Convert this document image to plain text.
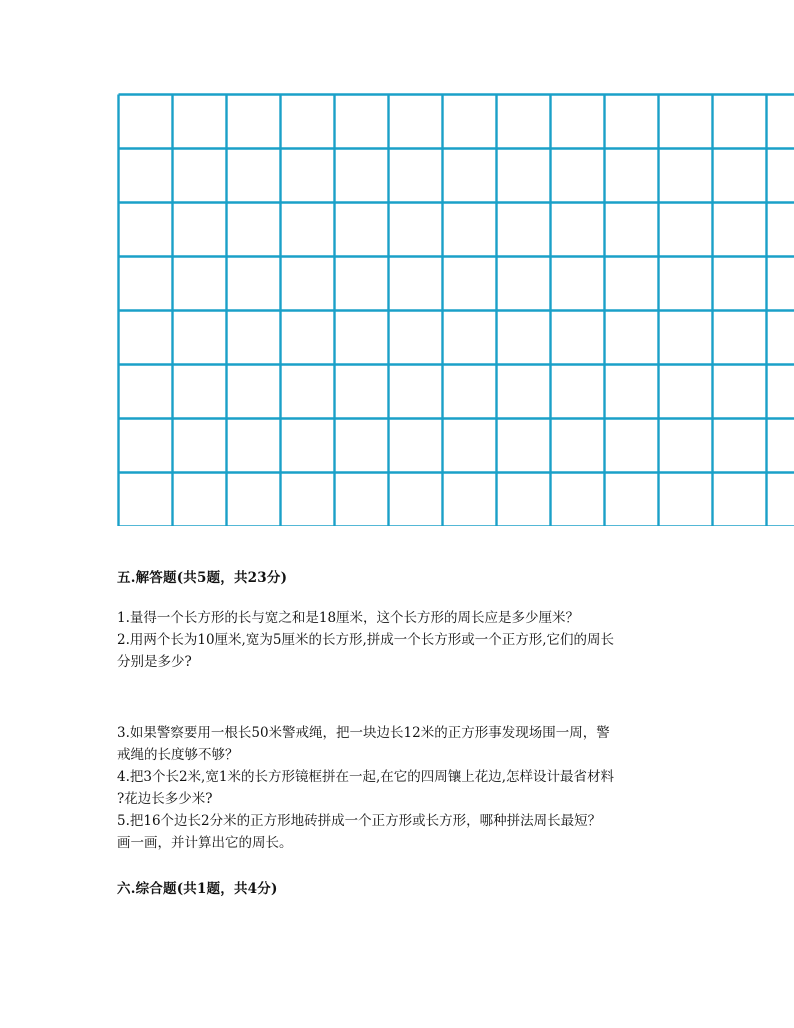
五.解答题(共5题，共23分)
1.量得一个长方形的长与宽之和是18厘米，这个长方形的周长应是多少厘米？
2.用两个长为10厘米,宽为5厘米的长方形,拼成一个长方形或一个正方形,它们的周长
分别是多少?
3.如果警察要用一根长50米警戒绳，把一块边长12米的正方形事发现场围一周，警
戒绳的长度够不够？
4.把3个长2米,宽1米的长方形镜框拼在一起,在它的四周镶上花边,怎样设计最省材料
?花边长多少米?
5.把16个边长2分米的正方形地砖拼成一个正方形或长方形，哪种拼法周长最短？
画一画，并计算出它的周长。
六.综合题(共1题，共4分)
